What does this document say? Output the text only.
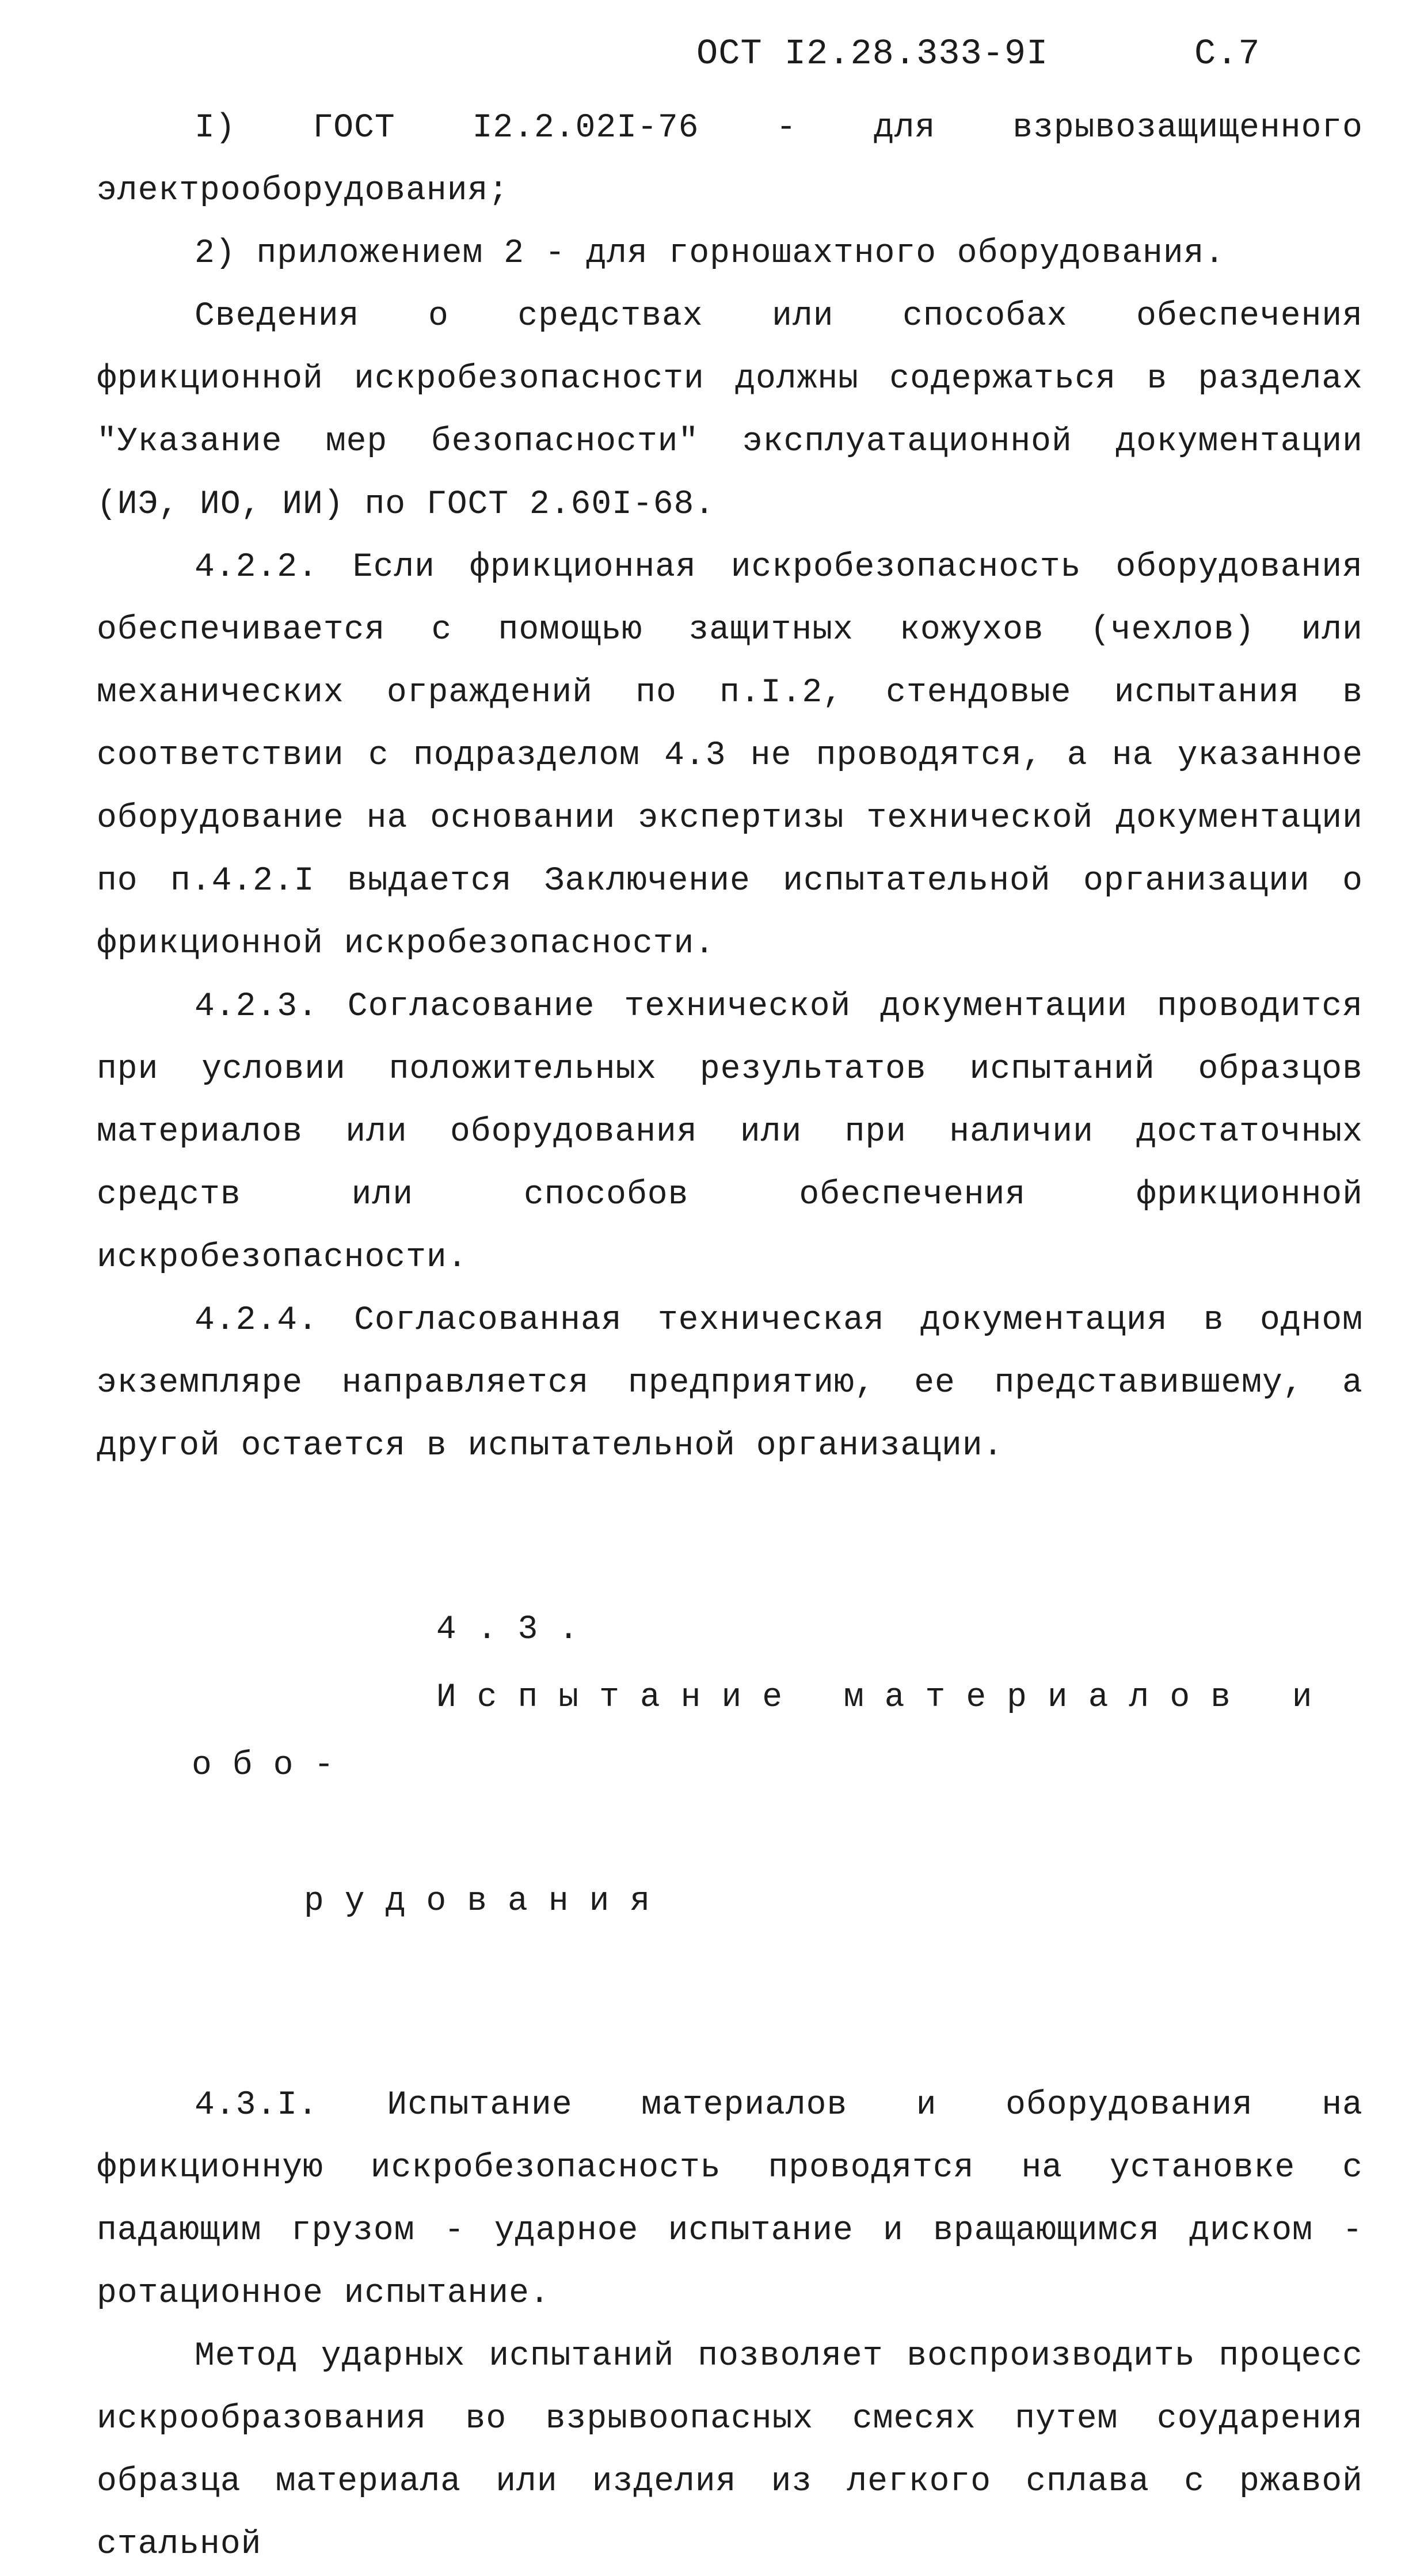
ОСТ I2.28.333-9I	С.7

I) ГОСТ I2.2.02I-76 - для взрывозащищенного электрооборудования;

2) приложением 2 - для горношахтного оборудования.

Сведения о средствах или способах обеспечения фрикционной искробезопасности должны содержаться в разделах "Указание мер безопасности" эксплуатационной документации (ИЭ, ИО, ИИ) по ГОСТ 2.60I-68.

4.2.2. Если фрикционная искробезопасность оборудования обеспечивается с помощью защитных кожухов (чехлов) или механических ограждений по п.I.2, стендовые испытания в соответствии с подразделом 4.3 не проводятся, а на указанное оборудование на основании экспертизы технической документации по п.4.2.I выдается Заключение испытательной организации о фрикционной искробезопасности.

4.2.3. Согласование технической документации проводится при условии положительных результатов испытаний образцов материалов или оборудования или при наличии достаточных средств или способов обеспечения фрикционной искробезопасности.

4.2.4. Согласованная техническая документация в одном экземпляре направляется предприятию, ее представившему, а другой остается в испытательной организации.

4.3.
Испытание материалов и обо-

рудования

4.3.I. Испытание материалов и оборудования на фрикционную искробезопасность проводятся на установке с падающим грузом - ударное испытание и вращающимся диском - ротационное испытание.

Метод ударных испытаний позволяет воспроизводить процесс искрообразования во взрывоопасных смесях путем соударения образца материала или изделия из легкого сплава с ржавой стальной
